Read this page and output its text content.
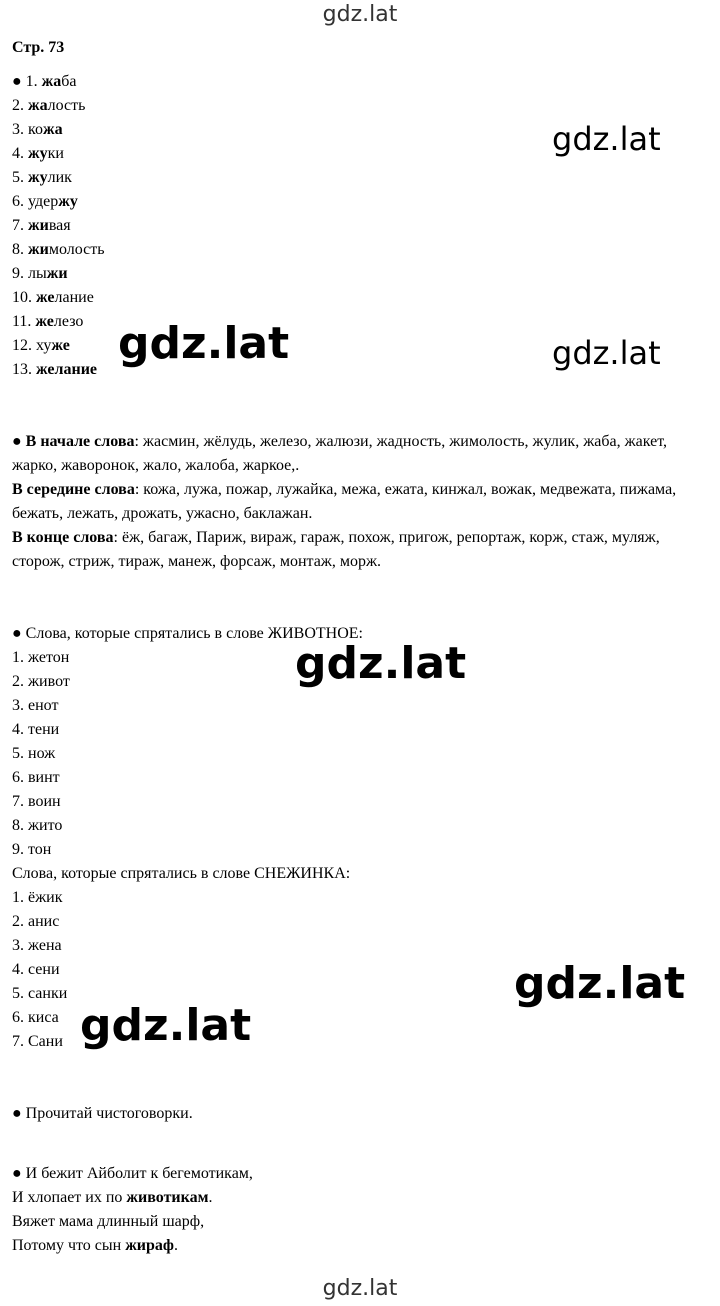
gdz.lat
Стр. 73
● 1. жаба
2. жалость
3. кожа
4. жуки
5. жулик
6. удержу
7. живая
8. жимолость
9. лыжи
10. желание
11. железо
12. хуже
13. желание
● В начале слова: жасмин, жёлудь, железо, жалюзи, жадность, жимолость, жулик, жаба, жакет, жарко, жаворонок, жало, жалоба, жаркое,.
В середине слова: кожа, лужа, пожар, лужайка, межа, ежата, кинжал, вожак, медвежата, пижама, бежать, лежать, дрожать, ужасно, баклажан.
В конце слова: ёж, багаж, Париж, вираж, гараж, похож, пригож, репортаж, корж, стаж, муляж, сторож, стриж, тираж, манеж, форсаж, монтаж, морж.
● Слова, которые спрятались в слове ЖИВОТНОЕ:
1. жетон
2. живот
3. енот
4. тени
5. нож
6. винт
7. воин
8. жито
9. тон
Слова, которые спрятались в слове СНЕЖИНКА:
1. ёжик
2. анис
3. жена
4. сени
5. санки
6. киса
7. Сани
● Прочитай чистоговорки.
● И бежит Айболит к бегемотикам,
И хлопает их по животикам.
Вяжет мама длинный шарф,
Потому что сын жираф.
gdz.lat
gdz.lat
gdz.lat
gdz.lat
gdz.lat
gdz.lat
gdz.lat
